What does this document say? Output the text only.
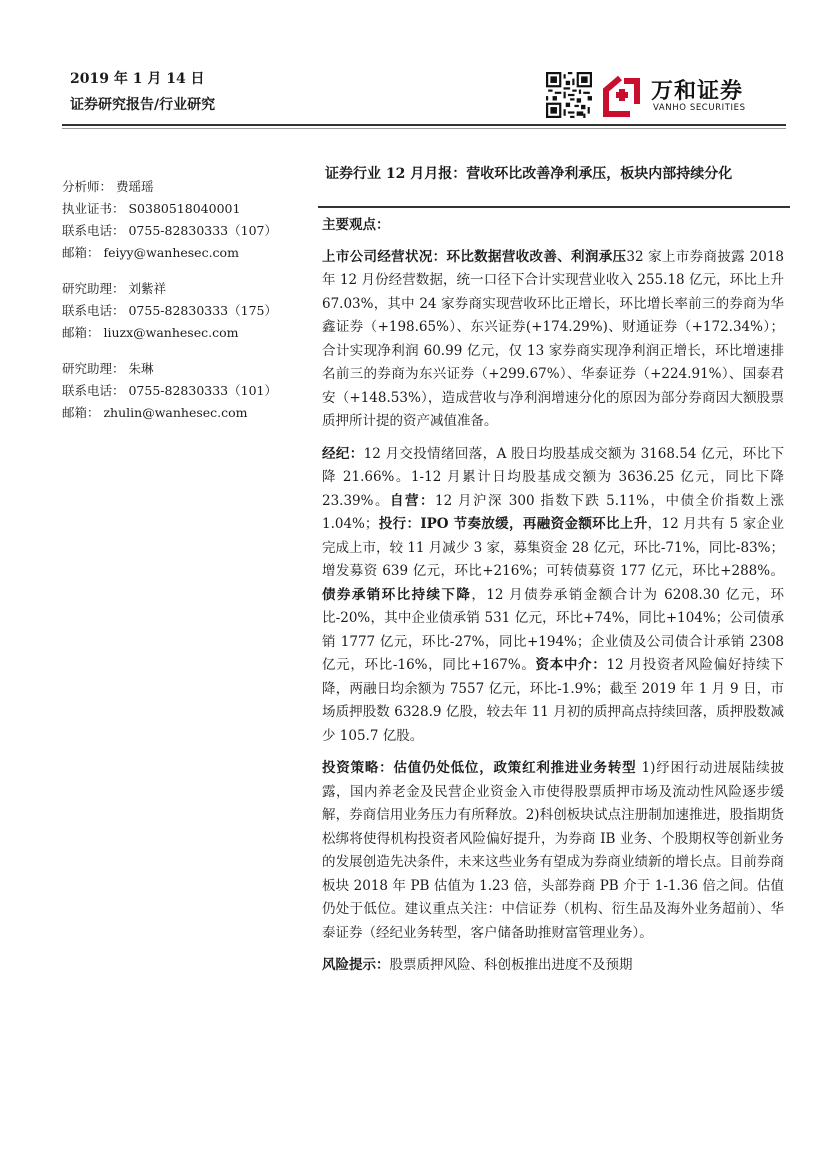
2019 年 1 月 14 日
证券研究报告/行业研究
万和证券
VANHO SECURITIES
证券行业 12 月月报：营收环比改善净利承压，板块内部持续分化
分析师： 费瑶瑶
执业证书： S0380518040001
联系电话： 0755-82830333（107）
邮箱： feiyy@wanhesec.com
研究助理： 刘紫祥
联系电话： 0755-82830333（175）
邮箱： liuzx@wanhesec.com
研究助理： 朱琳
联系电话： 0755-82830333（101）
邮箱： zhulin@wanhesec.com

主要观点：

上市公司经营状况：环比数据营收改善、利润承压32 家上市券商披露 2018 年 12 月份经营数据，统一口径下合计实现营业收入 255.18 亿元，环比上升 67.03%，其中 24 家券商实现营收环比正增长，环比增长率前三的券商为华鑫证券（+198.65%）、东兴证券(+174.29%)、财通证券（+172.34%）；合计实现净利润 60.99 亿元，仅 13 家券商实现净利润正增长，环比增速排名前三的券商为东兴证券（+299.67%）、华泰证券（+224.91%）、国泰君安（+148.53%），造成营收与净利润增速分化的原因为部分券商因大额股票质押所计提的资产减值准备。

经纪：12 月交投情绪回落，A 股日均股基成交额为 3168.54 亿元，环比下降 21.66%。1-12 月累计日均股基成交额为 3636.25 亿元，同比下降 23.39%。自营：12 月沪深 300 指数下跌 5.11%，中债全价指数上涨 1.04%；投行：IPO 节奏放缓，再融资金额环比上升，12 月共有 5 家企业完成上市，较 11 月减少 3 家，募集资金 28 亿元，环比-71%，同比-83%；增发募资 639 亿元，环比+216%；可转债募资 177 亿元，环比+288%。债券承销环比持续下降，12 月债券承销金额合计为 6208.30 亿元，环比-20%，其中企业债承销 531 亿元，环比+74%，同比+104%；公司债承销 1777 亿元，环比-27%，同比+194%；企业债及公司债合计承销 2308 亿元，环比-16%，同比+167%。资本中介：12 月投资者风险偏好持续下降，两融日均余额为 7557 亿元，环比-1.9%；截至 2019 年 1 月 9 日，市场质押股数 6328.9 亿股，较去年 11 月初的质押高点持续回落，质押股数减少 105.7 亿股。

投资策略：估值仍处低位，政策红利推进业务转型 1)纾困行动进展陆续披露，国内养老金及民营企业资金入市使得股票质押市场及流动性风险逐步缓解，券商信用业务压力有所释放。2)科创板块试点注册制加速推进，股指期货松绑将使得机构投资者风险偏好提升，为券商 IB 业务、个股期权等创新业务的发展创造先决条件，未来这些业务有望成为券商业绩新的增长点。目前券商板块 2018 年 PB 估值为 1.23 倍，头部券商 PB 介于 1-1.36 倍之间。估值仍处于低位。建议重点关注：中信证券（机构、衍生品及海外业务超前）、华泰证券（经纪业务转型，客户储备助推财富管理业务）。

风险提示：股票质押风险、科创板推出进度不及预期
